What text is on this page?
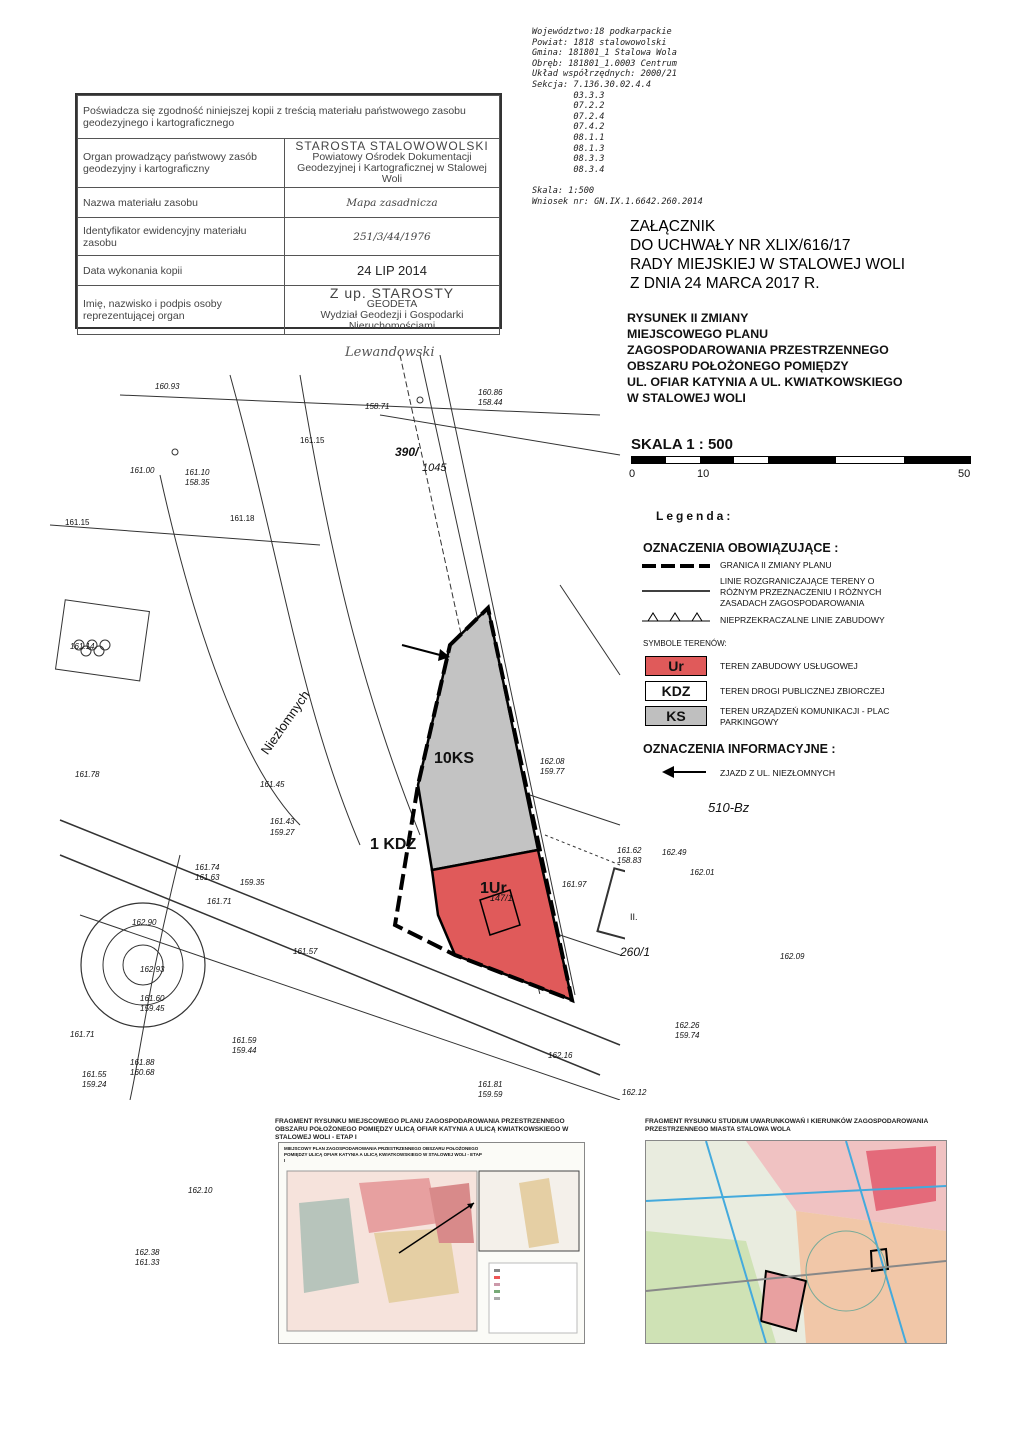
Poświadcza się zgodność niniejszej kopii z treścią materiału państwowego zasobu geodezyjnego i kartograficznego	
Organ prowadzący państwowy zasób geodezyjny i kartograficzny	STAROSTA STALOWOWOLSKI
Powiatowy Ośrodek Dokumentacji Geodezyjnej i Kartograficznej w Stalowej Woli

Nazwa materiału zasobu	Mapa zasadnicza
Identyfikator ewidencyjny materiału zasobu	251/3/44/1976
Data wykonania kopii	24 LIP 2014
Imię, nazwisko i podpis osoby reprezentującej organ	Z up. STAROSTY
GEODETA
Wydział Geodezji i Gospodarki Nieruchomościami
Lewandowski
Województwo:18 podkarpackie
Powiat: 1818 stalowowolski
Gmina: 181801_1 Stalowa Wola
Obręb: 181801_1.0003 Centrum
Układ współrzędnych: 2000/21
Sekcja: 7.136.30.02.4.4
03.3.3
07.2.2
07.2.4
07.4.2
08.1.1
08.1.3
08.3.3
08.3.4

Skala: 1:500
Wniosek nr: GN.IX.1.6642.260.2014
10KS
1Ur
1 KDZ
Niezłomnych
390/
1045
147/1
260/1
II.
510-Bz
160.93
158.71
161.15
161.00	161.10
158.35
161.14
161.15	161.18
161.78
161.45
161.43
159.27
161.74
161.63
161.71
162.90
162.93
161.57
159.35
161.60
159.45
161.71
161.59
159.44
161.88
160.68
161.55
159.24
160.86
158.44
161.62
158.83
162.49
162.01
161.97
162.09
162.26
159.74
162.16
161.81
159.59	162.12
162.08
159.77
162.38
161.33
162.10
ZAŁĄCZNIK
DO UCHWAŁY NR XLIX/616/17
RADY MIEJSKIEJ W STALOWEJ WOLI
Z DNIA 24 MARCA 2017 R.
RYSUNEK II ZMIANY
MIEJSCOWEGO PLANU
ZAGOSPODAROWANIA PRZESTRZENNEGO
OBSZARU POŁOŻONEGO POMIĘDZY
UL. OFIAR KATYNIA A UL. KWIATKOWSKIEGO
W STALOWEJ WOLI
SKALA 1 : 500
0	10	50
Legenda:
OZNACZENIA OBOWIĄZUJĄCE :
GRANICA II ZMIANY PLANU
LINIE ROZGRANICZAJĄCE TERENY O RÓŻNYM PRZEZNACZENIU I RÓŻNYCH ZASADACH ZAGOSPODAROWANIA
NIEPRZEKRACZALNE LINIE ZABUDOWY
SYMBOLE TERENÓW:
Ur	TEREN ZABUDOWY USŁUGOWEJ
KDZ	TEREN DROGI PUBLICZNEJ ZBIORCZEJ
KS	TEREN URZĄDZEŃ KOMUNIKACJI - PLAC PARKINGOWY
OZNACZENIA INFORMACYJNE :
ZJAZD Z UL. NIEZŁOMNYCH
FRAGMENT RYSUNKU MIEJSCOWEGO PLANU ZAGOSPODAROWANIA PRZESTRZENNEGO OBSZARU POŁOŻONEGO POMIĘDZY ULICĄ OFIAR KATYNIA A ULICĄ KWIATKOWSKIEGO W STALOWEJ WOLI - ETAP I
MIEJSCOWY PLAN ZAGOSPODAROWANIA PRZESTRZENNEGO OBSZARU POŁOŻONEGO POMIĘDZY ULICĄ OFIAR KATYNIA A ULICĄ KWIATKOWSKIEGO W STALOWEJ WOLI - ETAP I
FRAGMENT RYSUNKU STUDIUM UWARUNKOWAŃ I KIERUNKÓW ZAGOSPODAROWANIA PRZESTRZENNEGO MIASTA STALOWA WOLA
